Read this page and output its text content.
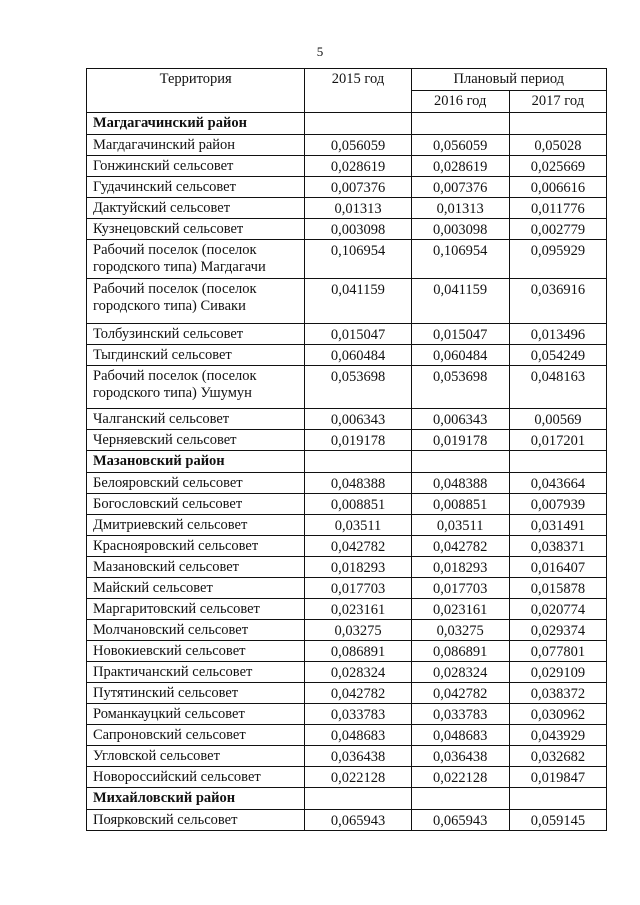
5
Территория	2015 год	Плановый период	
		2016 год	2017 год
Магдагачинский район			
Магдагачинский район	0,056059	0,056059	0,05028
Гонжинский сельсовет	0,028619	0,028619	0,025669
Гудачинский сельсовет	0,007376	0,007376	0,006616
Дактуйский сельсовет	0,01313	0,01313	0,011776
Кузнецовский сельсовет	0,003098	0,003098	0,002779
Рабочий поселок (поселок городского типа) Магдагачи	0,106954	0,106954	0,095929
Рабочий поселок (поселок городского типа) Сиваки	0,041159	0,041159	0,036916
Толбузинский сельсовет	0,015047	0,015047	0,013496
Тыгдинский сельсовет	0,060484	0,060484	0,054249
Рабочий поселок (поселок городского типа) Ушумун	0,053698	0,053698	0,048163
Чалганский сельсовет	0,006343	0,006343	0,00569
Черняевский сельсовет	0,019178	0,019178	0,017201
Мазановский район			
Белояровский сельсовет	0,048388	0,048388	0,043664
Богословский сельсовет	0,008851	0,008851	0,007939
Дмитриевский сельсовет	0,03511	0,03511	0,031491
Краснояровский сельсовет	0,042782	0,042782	0,038371
Мазановский сельсовет	0,018293	0,018293	0,016407
Майский сельсовет	0,017703	0,017703	0,015878
Маргаритовский сельсовет	0,023161	0,023161	0,020774
Молчановский сельсовет	0,03275	0,03275	0,029374
Новокиевский сельсовет	0,086891	0,086891	0,077801
Практичанский сельсовет	0,028324	0,028324	0,029109
Путятинский сельсовет	0,042782	0,042782	0,038372
Романкауцкий сельсовет	0,033783	0,033783	0,030962
Сапроновский сельсовет	0,048683	0,048683	0,043929
Угловской сельсовет	0,036438	0,036438	0,032682
Новороссийский сельсовет	0,022128	0,022128	0,019847
Михайловский район			
Поярковский сельсовет	0,065943	0,065943	0,059145
